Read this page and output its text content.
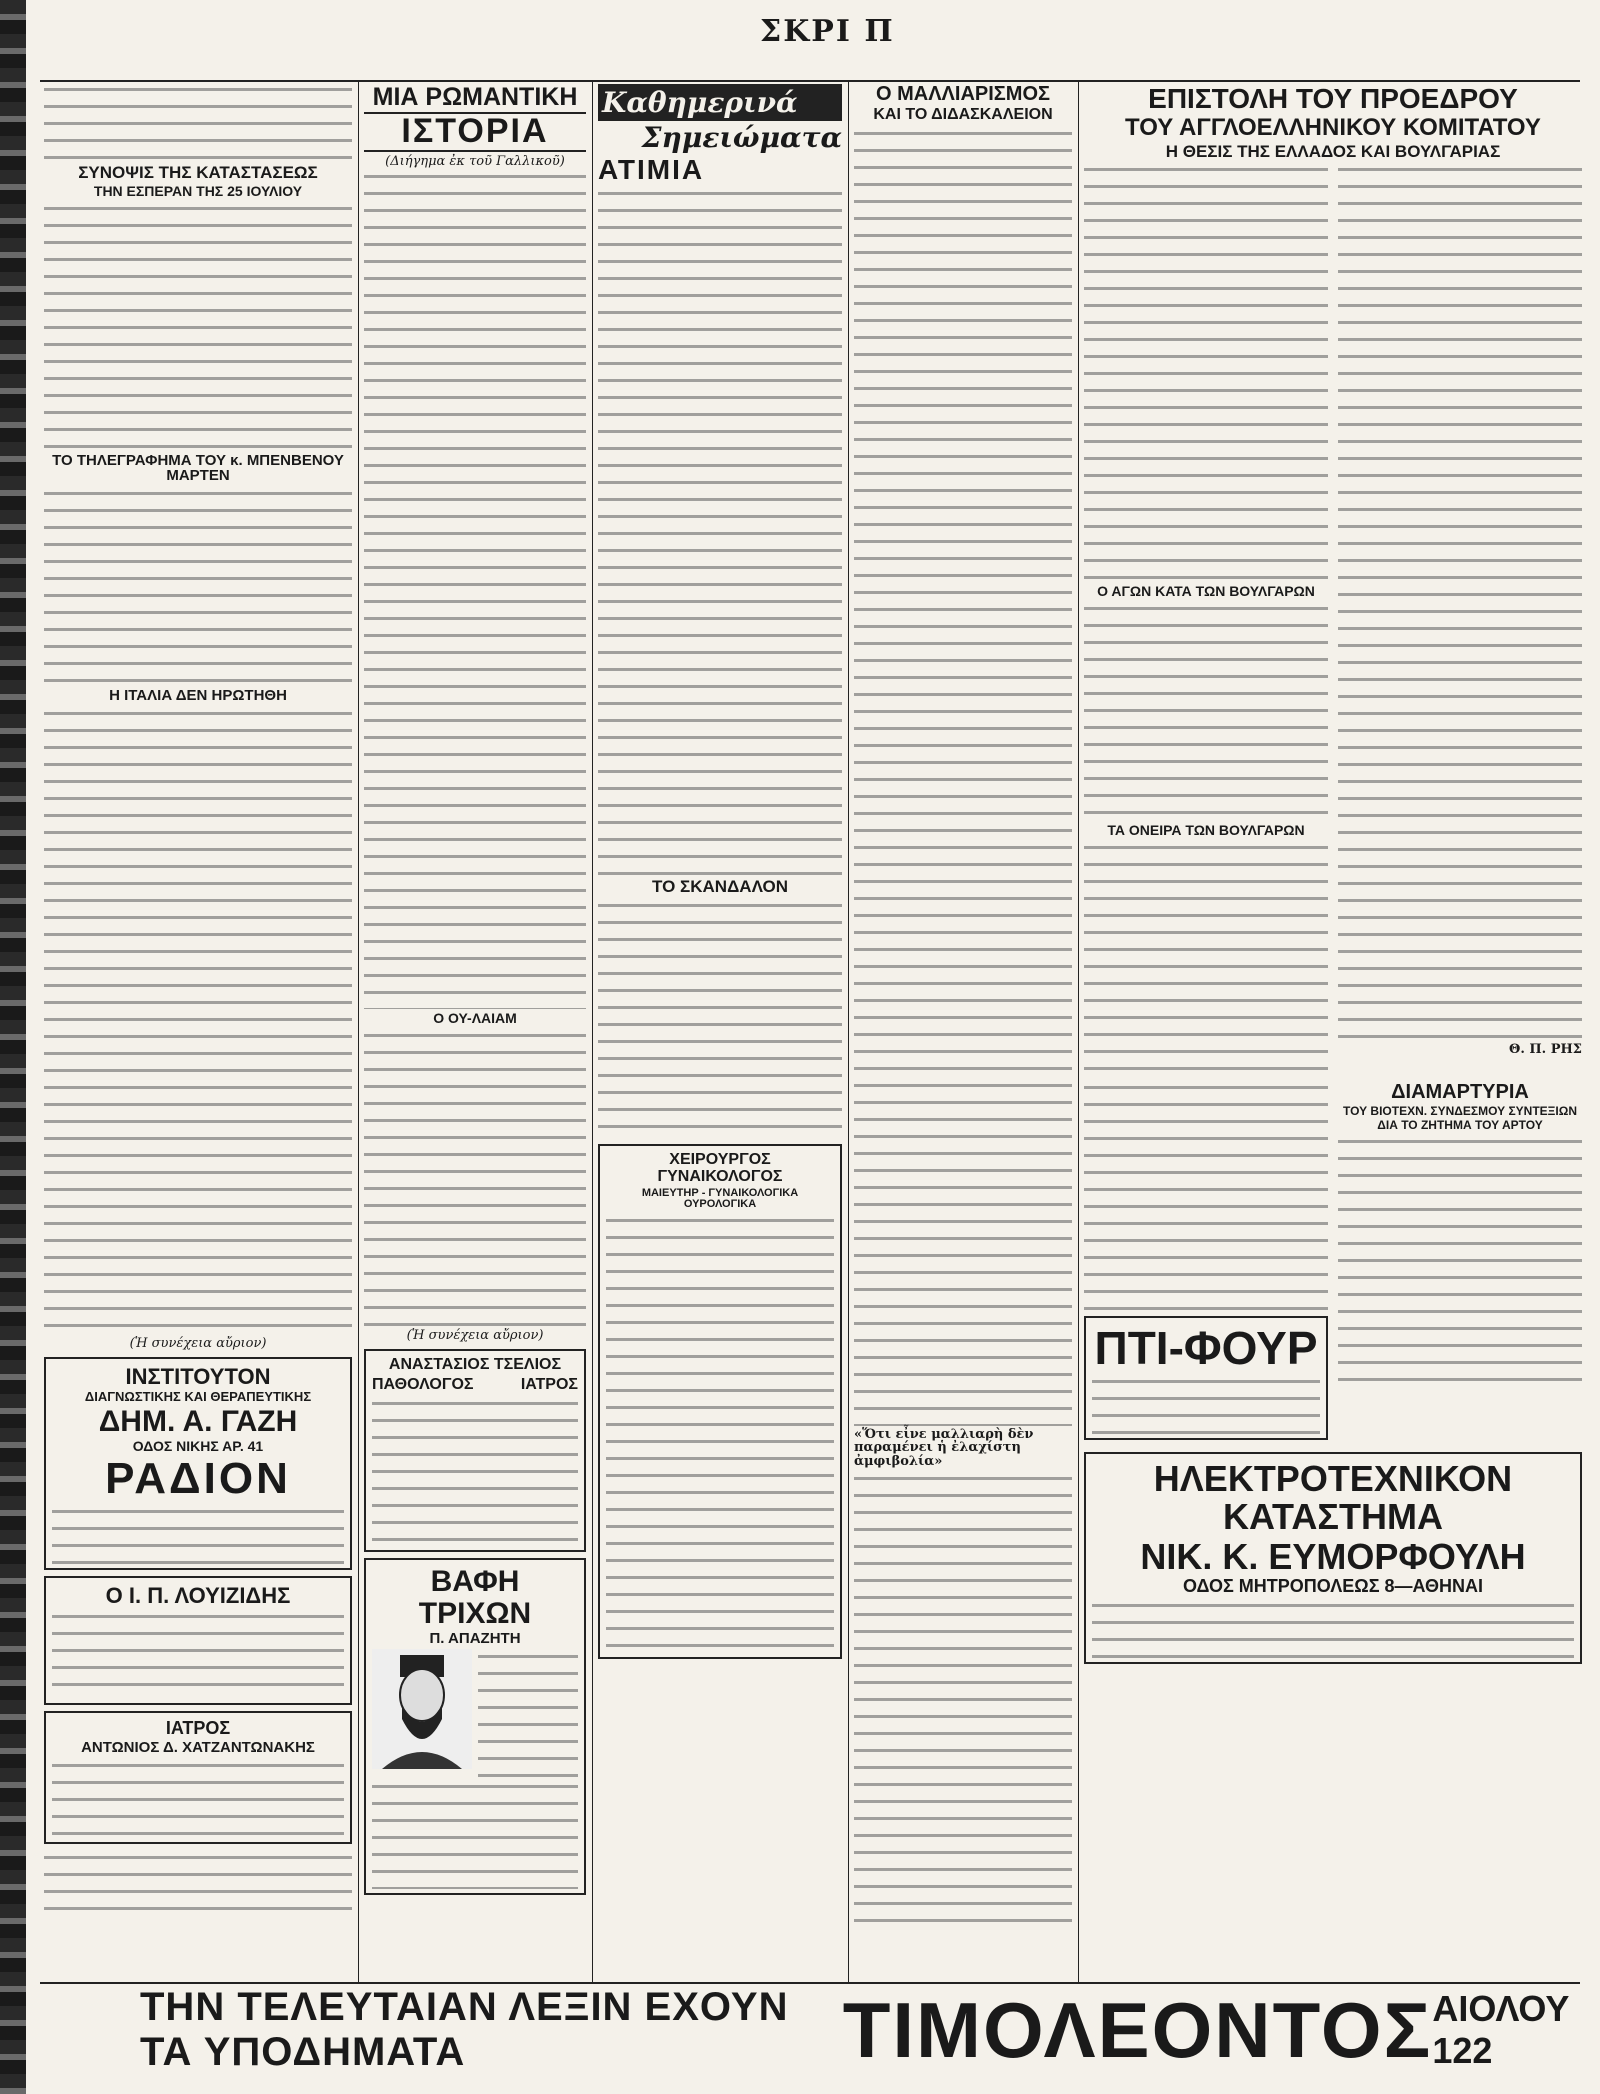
ΣΚΡΙ Π
ΣΥΝΟΨΙΣ ΤΗΣ ΚΑΤΑΣΤΑΣΕΩΣ
ΤΗΝ ΕΣΠΕΡΑΝ ΤΗΣ 25 ΙΟΥΛΙΟΥ
ΤΟ ΤΗΛΕΓΡΑΦΗΜΑ ΤΟΥ κ. ΜΠΕΝΒΕΝΟΥ ΜΑΡΤΕΝ
Η ΙΤΑΛΙΑ ΔΕΝ ΗΡΩΤΗΘΗ
(Ἡ συνέχεια αὔριον)
ΙΝΣΤΙΤΟΥΤΟΝ
ΔΙΑΓΝΩΣΤΙΚΗΣ ΚΑΙ ΘΕΡΑΠΕΥΤΙΚΗΣ
ΔΗΜ. Α. ΓΑΖΗ
ΟΔΟΣ ΝΙΚΗΣ ΑΡ. 41
ΡΑΔΙΟΝ
Ο Ι. Π. ΛΟΥΙΖΙΔΗΣ
ΙΑΤΡΟΣ
ΑΝΤΩΝΙΟΣ Δ. ΧΑΤΖΑΝΤΩΝΑΚΗΣ
ΜΙΑ ΡΩΜΑΝΤΙΚΗ
ΙΣΤΟΡΙΑ
(Διήγημα ἐκ τοῦ Γαλλικοῦ)
Ο ΟΥ-ΛΑΙΑΜ
(Ἡ συνέχεια αὔριον)
ΑΝΑΣΤΑΣΙΟΣ ΤΣΕΛΙΟΣ
ΠΑΘΟΛΟΓΟΣ	ΙΑΤΡΟΣ
ΒΑΦΗ ΤΡΙΧΩΝ
Π. ΑΠΑΖΗΤΗ
Καθημερινά
Σημειώματα
ΑΤΙΜΙΑ
ΤΟ ΣΚΑΝΔΑΛΟΝ
ΧΕΙΡΟΥΡΓΟΣ ΓΥΝΑΙΚΟΛΟΓΟΣ
ΜΑΙΕΥΤΗΡ - ΓΥΝΑΙΚΟΛΟΓΙΚΑ ΟΥΡΟΛΟΓΙΚΑ
Ο ΜΑΛΛΙΑΡΙΣΜΟΣ
ΚΑΙ ΤΟ ΔΙΔΑΣΚΑΛΕΙΟΝ
«Ὅτι εἶνε μαλλιαρὴ δὲν παραμένει ἡ ἐλαχίστη ἀμφιβολία»
ΕΠΙΣΤΟΛΗ ΤΟΥ ΠΡΟΕΔΡΟΥ
ΤΟΥ ΑΓΓΛΟΕΛΛΗΝΙΚΟΥ ΚΟΜΙΤΑΤΟΥ
Η ΘΕΣΙΣ ΤΗΣ ΕΛΛΑΔΟΣ ΚΑΙ ΒΟΥΛΓΑΡΙΑΣ
Ο ΑΓΩΝ ΚΑΤΑ ΤΩΝ ΒΟΥΛΓΑΡΩΝ
ΤΑ ΟΝΕΙΡΑ ΤΩΝ ΒΟΥΛΓΑΡΩΝ
Θ. Π. ΡΗΣ
ΠΤΙ-ΦΟΥΡ
ΔΙΑΜΑΡΤΥΡΙΑ
ΤΟΥ ΒΙΟΤΕΧΝ. ΣΥΝΔΕΣΜΟΥ ΣΥΝΤΕΞΙΩΝ
ΔΙΑ ΤΟ ΖΗΤΗΜΑ ΤΟΥ ΑΡΤΟΥ
ΗΛΕΚΤΡΟΤΕΧΝΙΚΟΝ ΚΑΤΑΣΤΗΜΑ
ΝΙΚ. Κ. ΕΥΜΟΡΦΟΥΛΗ
ΟΔΟΣ ΜΗΤΡΟΠΟΛΕΩΣ 8—ΑΘΗΝΑΙ
ΤΗΝ ΤΕΛΕΥΤΑΙΑΝ ΛΕΞΙΝ ΕΧΟΥΝ ΤΑ ΥΠΟΔΗΜΑΤΑ	ΤΙΜΟΛΕΟΝΤΟΣ ΑΙΟΛΟΥ 122
